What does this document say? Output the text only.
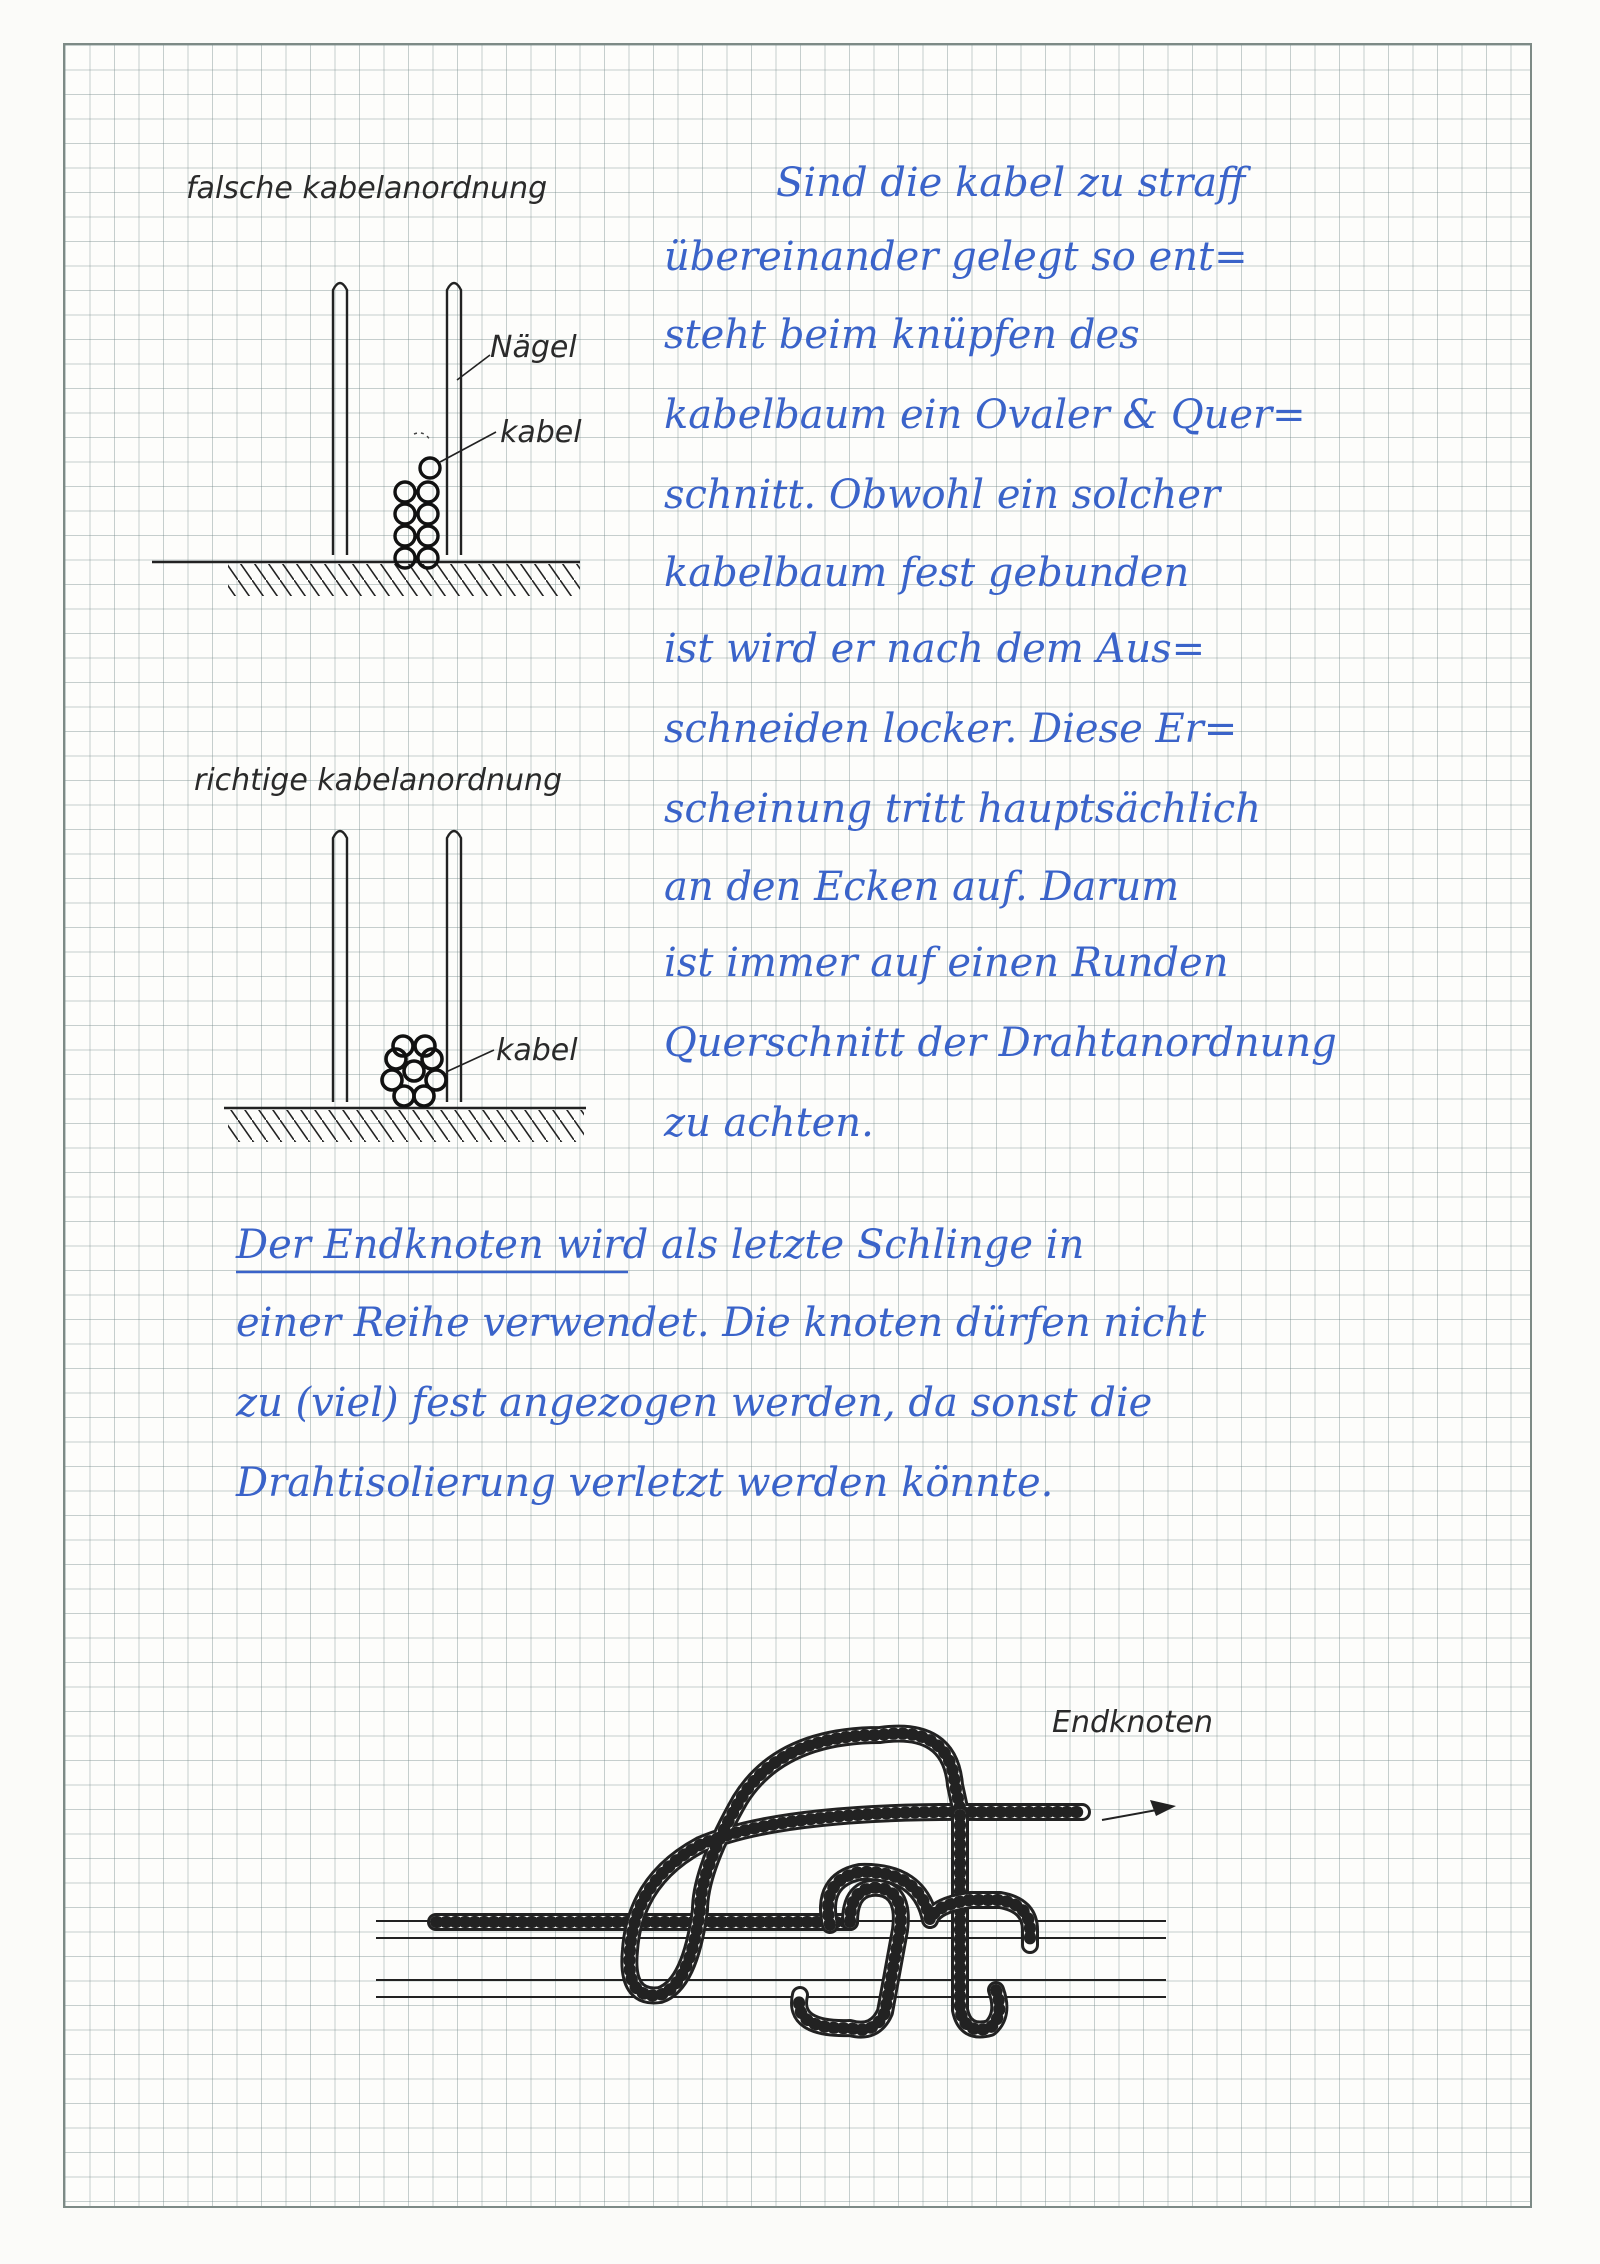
falsche kabelanordnung
Nägel
kabel
richtige kabelanordnung
kabel
Sind die kabel zu straff
übereinander gelegt so ent=
steht beim knüpfen des
kabelbaum ein Ovaler & Quer=
schnitt. Obwohl ein solcher
kabelbaum fest gebunden
ist wird er nach dem Aus=
schneiden locker. Diese Er=
scheinung tritt hauptsächlich
an den Ecken auf. Darum
ist immer auf einen Runden
Querschnitt der Drahtanordnung
zu achten.
Der Endknoten wird als letzte Schlinge in
einer Reihe verwendet. Die knoten dürfen nicht
zu (viel) fest angezogen werden, da sonst die
Drahtisolierung verletzt werden könnte.
Endknoten
